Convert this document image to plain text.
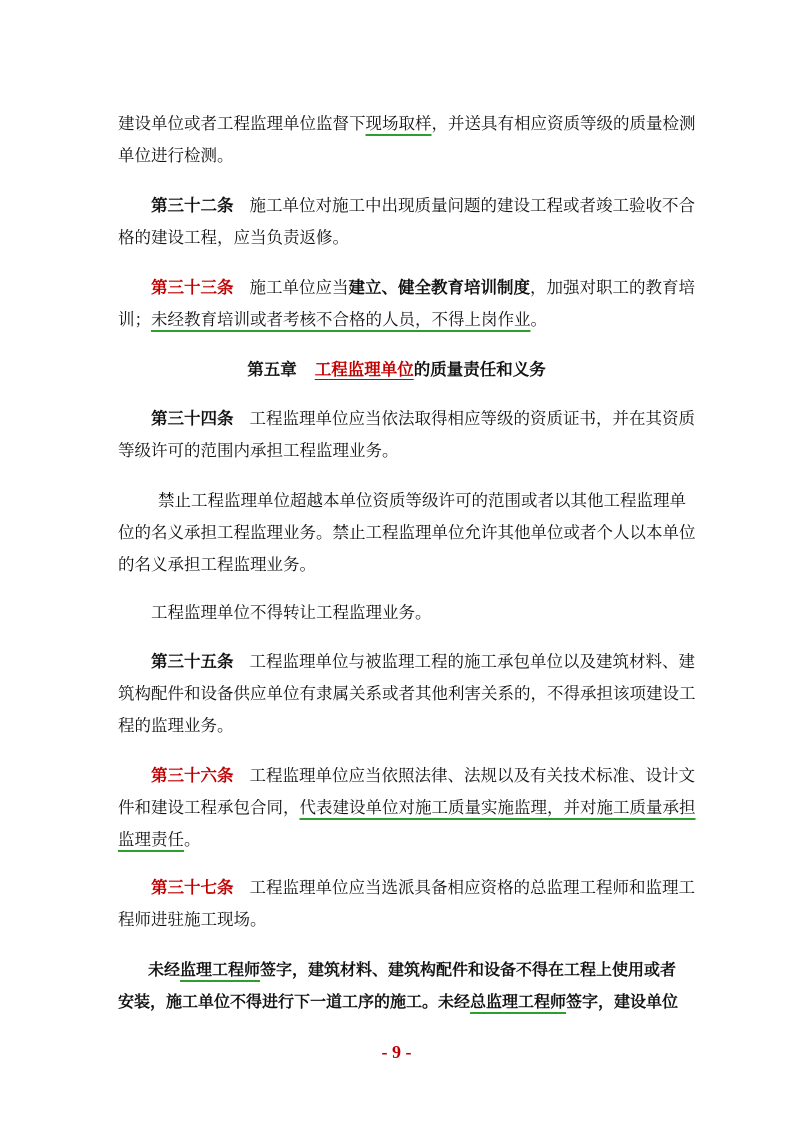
建设单位或者工程监理单位监督下现场取样，并送具有相应资质等级的质量检测
单位进行检测。
第三十二条 施工单位对施工中出现质量问题的建设工程或者竣工验收不合
格的建设工程，应当负责返修。
第三十三条 施工单位应当建立、健全教育培训制度，加强对职工的教育培
训；未经教育培训或者考核不合格的人员，不得上岗作业。
第五章 工程监理单位的质量责任和义务
第三十四条 工程监理单位应当依法取得相应等级的资质证书，并在其资质
等级许可的范围内承担工程监理业务。
禁止工程监理单位超越本单位资质等级许可的范围或者以其他工程监理单
位的名义承担工程监理业务。禁止工程监理单位允许其他单位或者个人以本单位
的名义承担工程监理业务。
工程监理单位不得转让工程监理业务。
第三十五条 工程监理单位与被监理工程的施工承包单位以及建筑材料、建
筑构配件和设备供应单位有隶属关系或者其他利害关系的，不得承担该项建设工
程的监理业务。
第三十六条 工程监理单位应当依照法律、法规以及有关技术标准、设计文
件和建设工程承包合同，代表建设单位对施工质量实施监理，并对施工质量承担
监理责任。
第三十七条 工程监理单位应当选派具备相应资格的总监理工程师和监理工
程师进驻施工现场。
未经监理工程师签字，建筑材料、建筑构配件和设备不得在工程上使用或者
安装，施工单位不得进行下一道工序的施工。未经总监理工程师签字，建设单位
- 9 -
